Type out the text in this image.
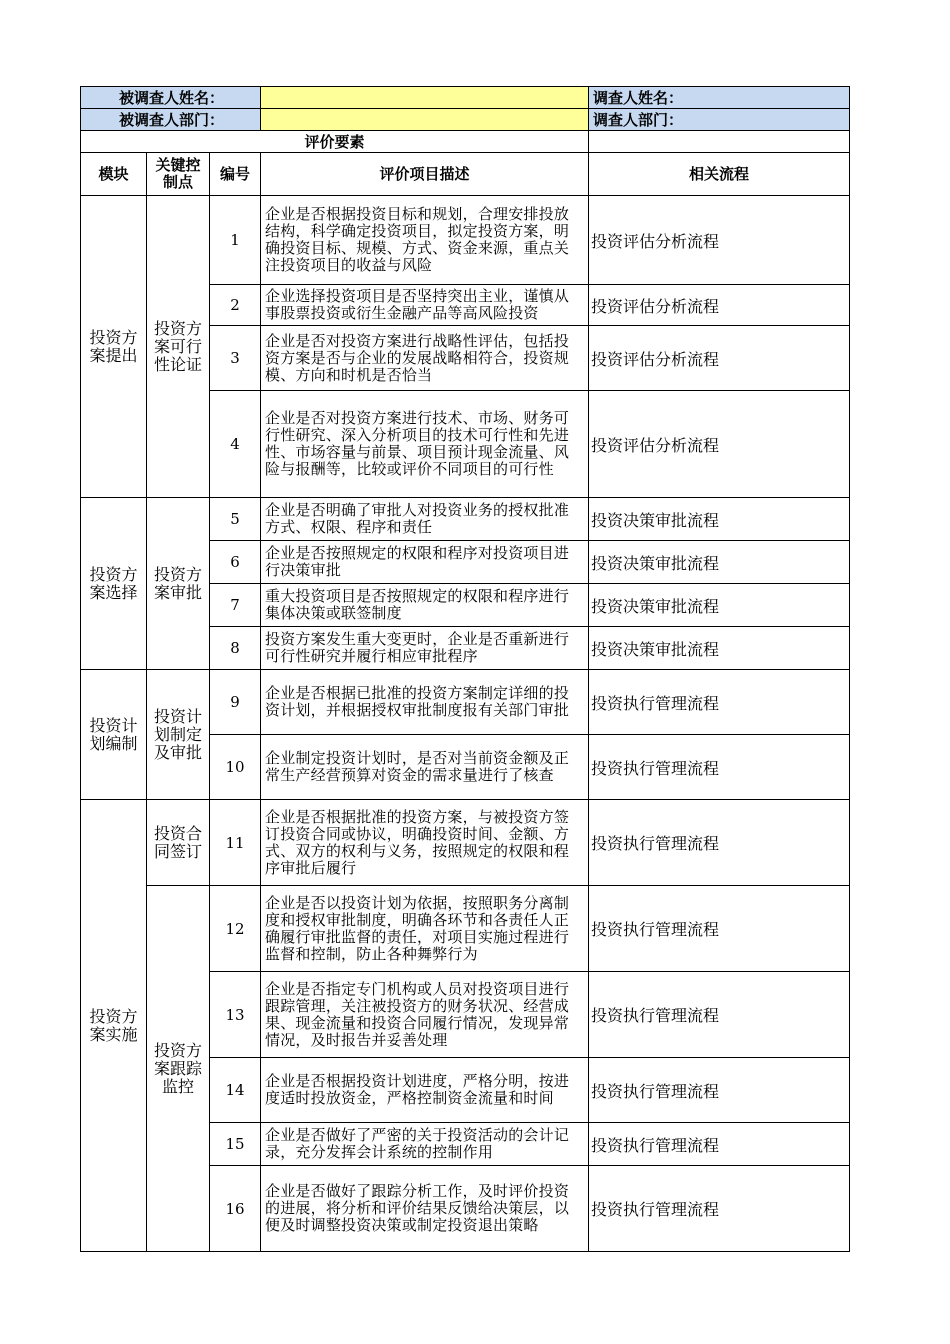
被调查人姓名：				调查人姓名：
被调查人部门：				调查人部门：
评价要素				
模块	关键控制点	编号	评价项目描述	相关流程

投资方案提出	投资方案可行性论证	1	企业是否根据投资目标和规划，合理安排投放结构，科学确定投资项目，拟定投资方案，明确投资目标、规模、方式、资金来源，重点关注投资项目的收益与风险	投资评估分析流程
		2	企业选择投资项目是否坚持突出主业，谨慎从事股票投资或衍生金融产品等高风险投资	投资评估分析流程
		3	企业是否对投资方案进行战略性评估，包括投资方案是否与企业的发展战略相符合，投资规模、方向和时机是否恰当	投资评估分析流程
		4	企业是否对投资方案进行技术、市场、财务可行性研究、深入分析项目的技术可行性和先进性、市场容量与前景、项目预计现金流量、风险与报酬等，比较或评价不同项目的可行性	投资评估分析流程

投资方案选择	投资方案审批	5	企业是否明确了审批人对投资业务的授权批准方式、权限、程序和责任	投资决策审批流程
		6	企业是否按照规定的权限和程序对投资项目进行决策审批	投资决策审批流程
		7	重大投资项目是否按照规定的权限和程序进行集体决策或联签制度	投资决策审批流程
		8	投资方案发生重大变更时，企业是否重新进行可行性研究并履行相应审批程序	投资决策审批流程

投资计划编制	投资计划制定及审批	9	企业是否根据已批准的投资方案制定详细的投资计划，并根据授权审批制度报有关部门审批	投资执行管理流程
		10	企业制定投资计划时，是否对当前资金额及正常生产经营预算对资金的需求量进行了核查	投资执行管理流程

投资方案实施	投资合同签订	11	企业是否根据批准的投资方案，与被投资方签订投资合同或协议，明确投资时间、金额、方式、双方的权利与义务，按照规定的权限和程序审批后履行	投资执行管理流程

	投资方案跟踪监控	12	企业是否以投资计划为依据，按照职务分离制度和授权审批制度，明确各环节和各责任人正确履行审批监督的责任，对项目实施过程进行监督和控制，防止各种舞弊行为	投资执行管理流程
		13	企业是否指定专门机构或人员对投资项目进行跟踪管理，关注被投资方的财务状况、经营成果、现金流量和投资合同履行情况，发现异常情况，及时报告并妥善处理	投资执行管理流程
		14	企业是否根据投资计划进度，严格分明，按进度适时投放资金，严格控制资金流量和时间	投资执行管理流程
		15	企业是否做好了严密的关于投资活动的会计记录，充分发挥会计系统的控制作用	投资执行管理流程
		16	企业是否做好了跟踪分析工作，及时评价投资的进展，将分析和评价结果反馈给决策层，以便及时调整投资决策或制定投资退出策略	投资执行管理流程
